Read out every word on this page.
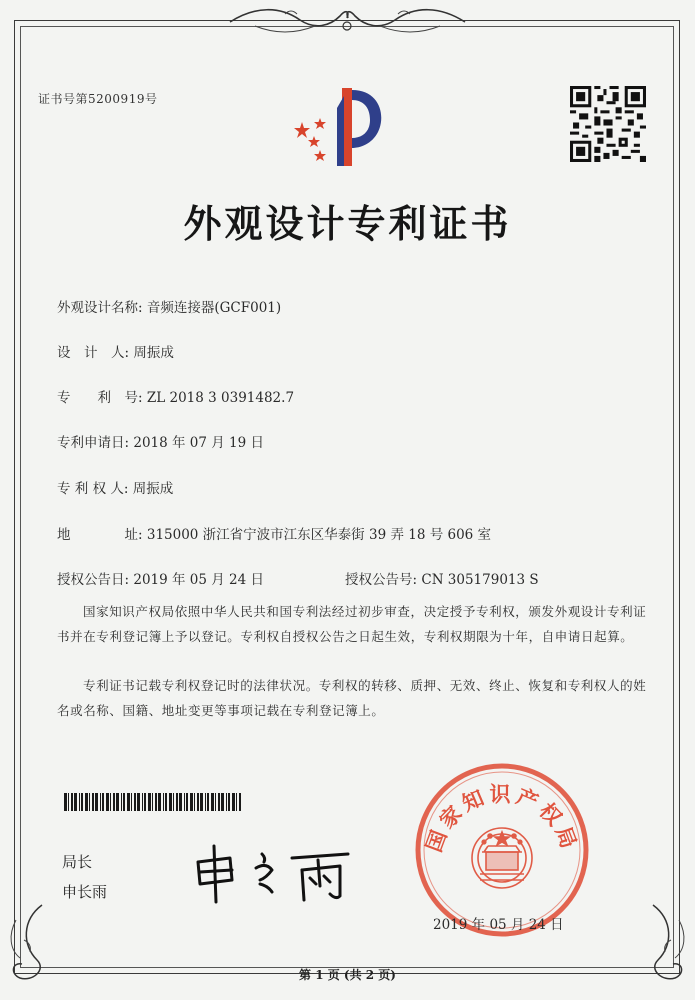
证书号第5200919号
外观设计专利证书
外观设计名称: 音频连接器(GCF001)
设　计　人: 周振成
专　　利　号: ZL 2018 3 0391482.7
专利申请日: 2018 年 07 月 19 日
专 利 权 人: 周振成
地　　　　址: 315000 浙江省宁波市江东区华泰街 39 弄 18 号 606 室
授权公告日: 2019 年 05 月 24 日	授权公告号: CN 305179013 S
国家知识产权局依照中华人民共和国专利法经过初步审查，决定授予专利权，颁发外观设计专利证书并在专利登记簿上予以登记。专利权自授权公告之日起生效，专利权期限为十年，自申请日起算。
专利证书记载专利权登记时的法律状况。专利权的转移、质押、无效、终止、恢复和专利权人的姓名或名称、国籍、地址变更等事项记载在专利登记簿上。
局长
申长雨
国家知识产权局
2019 年 05 月 24 日
第 1 页 (共 2 页)
